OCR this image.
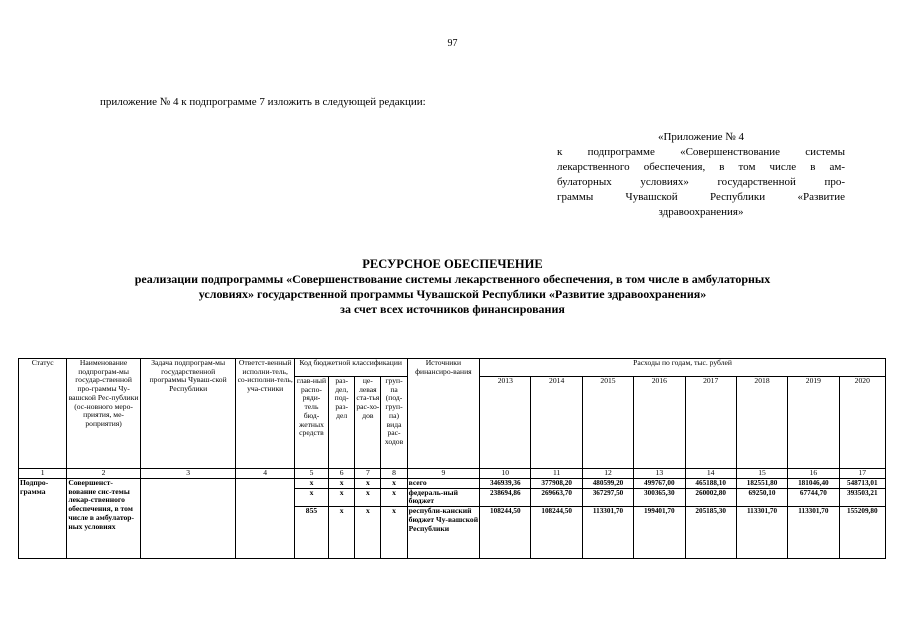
97
приложение № 4 к подпрограмме 7 изложить в следующей редакции:
«Приложение № 4
к подпрограмме «Совершенствование системы
лекарственного обеспечения, в том числе в ам-
булаторных условиях» государственной про-
граммы Чувашской Республики «Развитие
здравоохранения»
РЕСУРСНОЕ ОБЕСПЕЧЕНИЕ
реализации подпрограммы «Совершенствование системы лекарственного обеспечения, в том числе в амбулаторных
условиях» государственной программы Чувашской Республики «Развитие здравоохранения»
за счет всех источников финансирования
Статус	Наименование подпрограм-мы государ-ственной про-граммы Чу-вашской Рес-публики (ос-новного меро-приятия, ме-роприятия)	Задача подпрограм-мы государственной программы Чуваш-ской Республики	Ответст-венный исполни-тель, со-исполни-тель, уча-стники	Код бюджетной классификации				Источники финансиро-вания	Расходы по годам, тыс. рублей							
				глав-ный распо-ряди-тель бюд-жетных средств	раз-дел, под-раз-дел	це-левая ста-тья рас-хо-дов	груп-па (под-груп-па) вида рас-ходов		2013	2014	2015	2016	2017	2018	2019	2020
1	2	3	4	5	6	7	8	9	10	11	12	13	14	15	16	17
Подпро-грамма	Совершенст-вование сис-темы лекар-ственного обеспечения, в том числе в амбулатор-ных условиях			x	x	x	x	всего	346939,36	377908,20	480599,20	499767,00	465188,10	182551,80	181046,40	548713,01
				x	x	x	x	федераль-ный бюджет	238694,86	269663,70	367297,50	300365,30	260002,80	69250,10	67744,70	393503,21
				855	x	x	x	республи-канский бюджет Чу-вашской Республики	108244,50	108244,50	113301,70	199401,70	205185,30	113301,70	113301,70	155209,80
